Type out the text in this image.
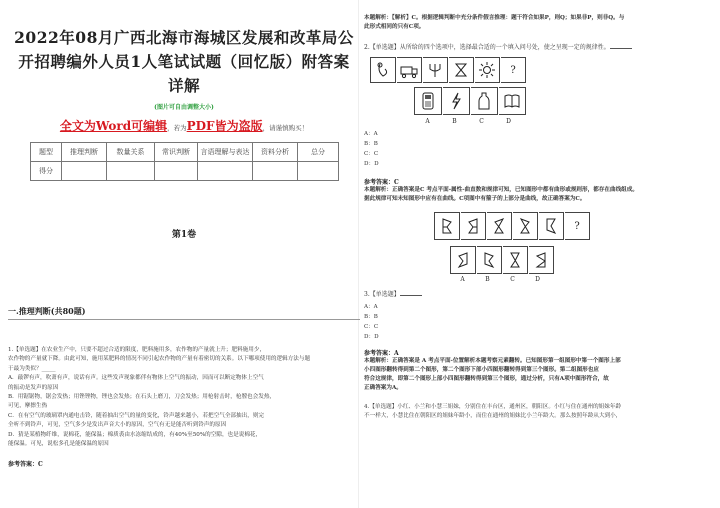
2022年08月广西北海市海城区发展和改革局公
开招聘编外人员1人笔试试题（回忆版）附答案
详解
(图片可自由调整大小)
全文为Word可编辑，若为PDF皆为盗版，请谨慎购买！
题型	推理判断	数量关系	常识判断	言语理解与表达	资料分析	总分
得分						
第1卷
一.推理判断(共80题)

1.【单选题】在农业生产中，只要不超过合适的限度，肥料施用多，农作物的产量就上升；肥料施用少，

农作物的产量就下降。由此可知，施用某肥料的情况不同引起农作物的产量有着密切的关系。以下哪项使用的逻辑方法与题

干最为类似？_____

A．敲锣有声，吹萧有声，说话有声。这些发声现象都伴有物体上空气的振动，因而可以断定物体上空气

的振动是发声的原因

B．用锯锯物，锯会发热；用锉锉物，锉也会发热；在石头上磨刀，刀会发热；用枪射击时，枪膛也会发热，

可见，摩擦生热

C．在有空气的玻璃罩内通电击铃，随着抽出空气的量的变化，铃声越来越小，若把空气全部抽出，则完

全听不到铃声，可见，空气多少是发出声音大小的原因，空气有无是能否听到铃声的原因

D．猜是某植物纤维，说棉花，能保温；棉质裘由水冻缩结成的，有40%至50%的空隙，也是说棉花，

能保温。可见，说松多孔是能保温的原因

参考答案：C

本题解析：【解析】C。根据逻辑判断中充分条件假言推理：题干符合如果P，则Q；如果非P，则非Q。与

此形式相同的只有C项。

2.【单选题】从所给的四个选项中，选择最合适的一个填入问号处，使之呈现一定的规律性。
?
A	B	C	D
A：A
B：B
C：C
D：D
参考答案：C

本题解析：正确答案是C 考点平面-属性-曲直数和规律可知，已知图形中都有曲形或规则形，都存在曲线组成。

据此规律可知未知图形中应有在曲线。C项图中有箍子的上部分是曲线，故正确答案为C。

?
A	B	C	D
3.【单选题】
A：A
B：B
C：C
D：D
参考答案：A

本题解析：正确答案是 A 考点平面-位置解析本题考察元素翻转。已知图形第一组图形中第一个图形上部

小四图形翻转得到第二个图形，第二个图形下部小四图形翻转得到第三个图形。第二组图形也应

符合这规律，即第二个图形上部小四图形翻转得到第三个图形，通过分析，只有A项中图形符合，故

正确答案为A。

4.【单选题】小红、小兰和小慧三姐妹，分别住在丰台区，通州区，朝阳区。小红与住在通州的姐妹年龄

不一样大，小慧比住在朝阳区的姐妹年龄小，而住在通州的姐妹比小兰年龄大。那么按照年龄从大到小，
